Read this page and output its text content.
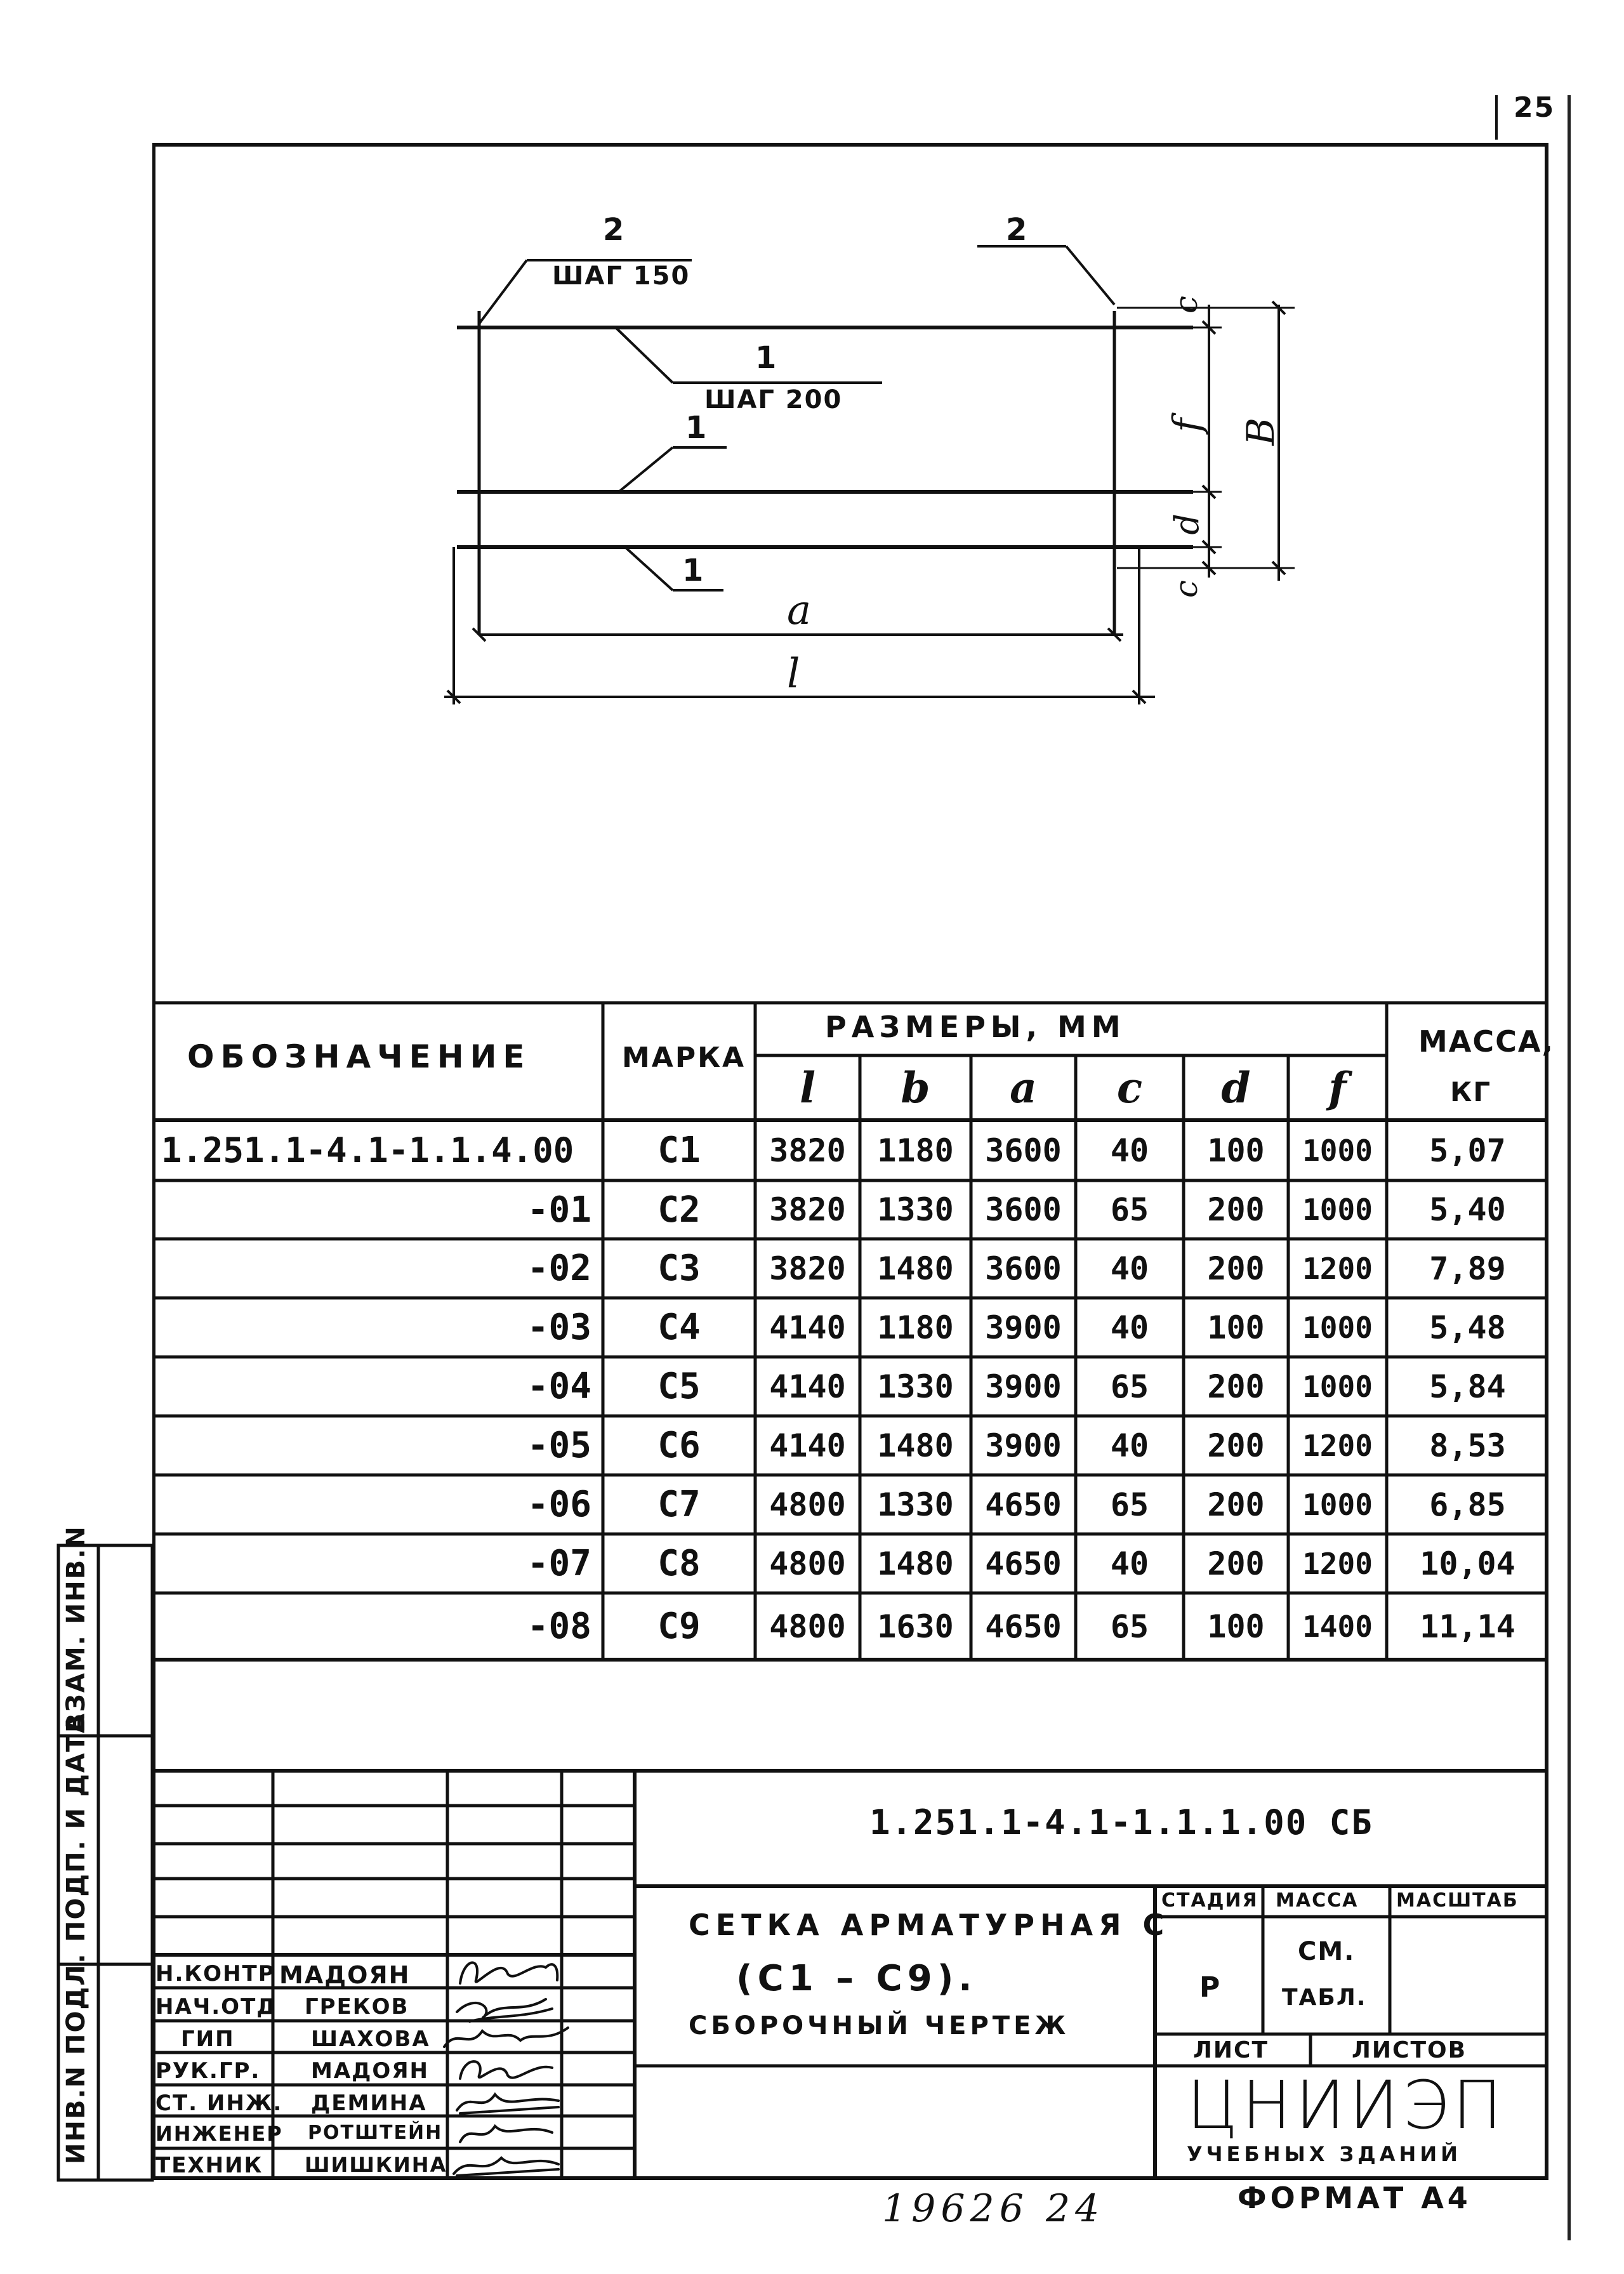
25
2
ШАГ 150
2
1
ШАГ 200
1
1
c
f B
d
c
a
l
ОБОЗНАЧЕНИЕ	МАРКА
РАЗМЕРЫ, ММ	МАССА,
КГ
l	b	a	c	d	f
1.251.1-4.1-1.1.4.00	С1	3820 1180 3600	40	100	1000	5,07
-01	С2	3820 1330 3600	65	200	1000	5,40
-02	С3	3820 1480 3600	40	200	1200	7,89
-03	С4	4140 1180 3900	40	100	1000	5,48
-04	С5	4140 1330 3900	65	200	1000	5,84
-05	С6	4140 1480 3900	40	200	1200	8,53
-06	С7	4800 1330 4650	65	200	1000	6,85
-07	С8	4800 1480 4650	40	200	1200	10,04
-08	С9	4800 1630 4650	65	100	1400	11,14
ВЗАМ. ИНВ.N
ПОДП. И ДАТА
ИНВ.N ПОДЛ.
1.251.1-4.1-1.1.1.00 СБ
СЕТКА АРМАТУРНАЯ С
(С1 – С9).
СБОРОЧНЫЙ ЧЕРТЕЖ
СТАДИЯ МАССА МАСШТАБ
Р
СМ.
ТАБЛ.
ЛИСТ	ЛИСТОВ
ЦНИИЭП
УЧЕБНЫХ ЗДАНИЙ
Н.КОНТР МАДОЯН
НАЧ.ОТД ГРЕКОВ
ГИП	ШАХОВА
РУК.ГР. МАДОЯН
СТ. ИНЖ. ДЕМИНА
ИНЖЕНЕР РОТШТЕЙН
ТЕХНИК ШИШКИНА
19626 24	ФОРМАТ А4
